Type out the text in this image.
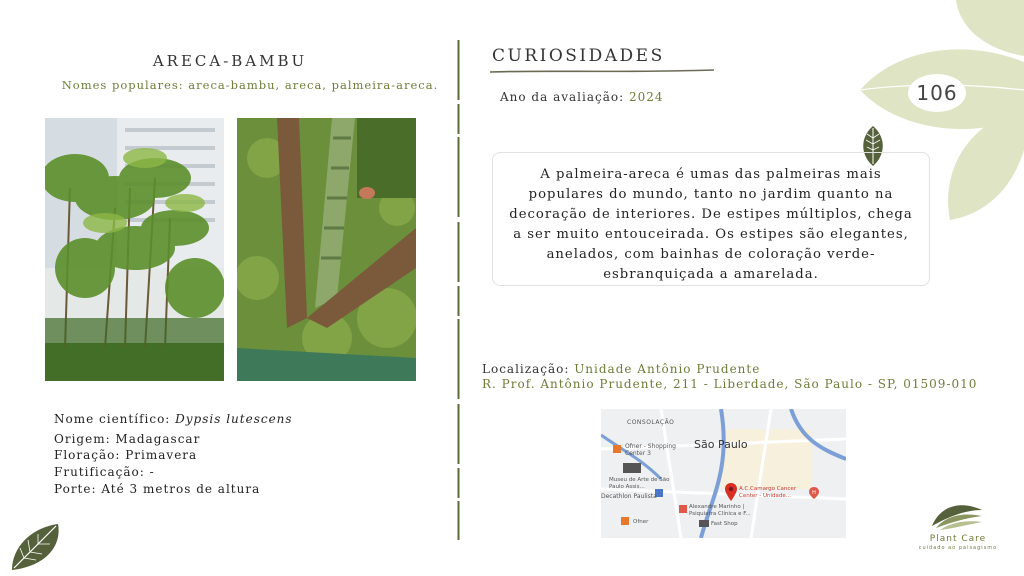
106
ARECA-BAMBU
Nomes populares: areca-bambu, areca, palmeira-areca.
Nome científico: Dypsis lutescens
Origem: Madagascar
Floração: Primavera
Frutificação: -
Porte: Até 3 metros de altura
CURIOSIDADES
Ano da avaliação: 2024
A palmeira-areca é umas das palmeiras mais populares do mundo, tanto no jardim quanto na decoração de interiores. De estipes múltiplos, chega a ser muito entouceirada. Os estipes são elegantes, anelados, com bainhas de coloração verde-esbranquiçada a amarelada.
Localização: Unidade Antônio Prudente
R. Prof. Antônio Prudente, 211 - Liberdade, São Paulo - SP, 01509-010
H
CONSOLAÇÃO
São Paulo
Ofner - Shopping Center 3
Museu de Arte de São Paulo Assis...
Decathlon Paulista
A.C.Camargo Cancer Center - Unidade...
Alexandre Marinho | Psiquiatra Clínica e F...
Ofner	Fast Shop
Plant Care
cuidado ao paisagismo
